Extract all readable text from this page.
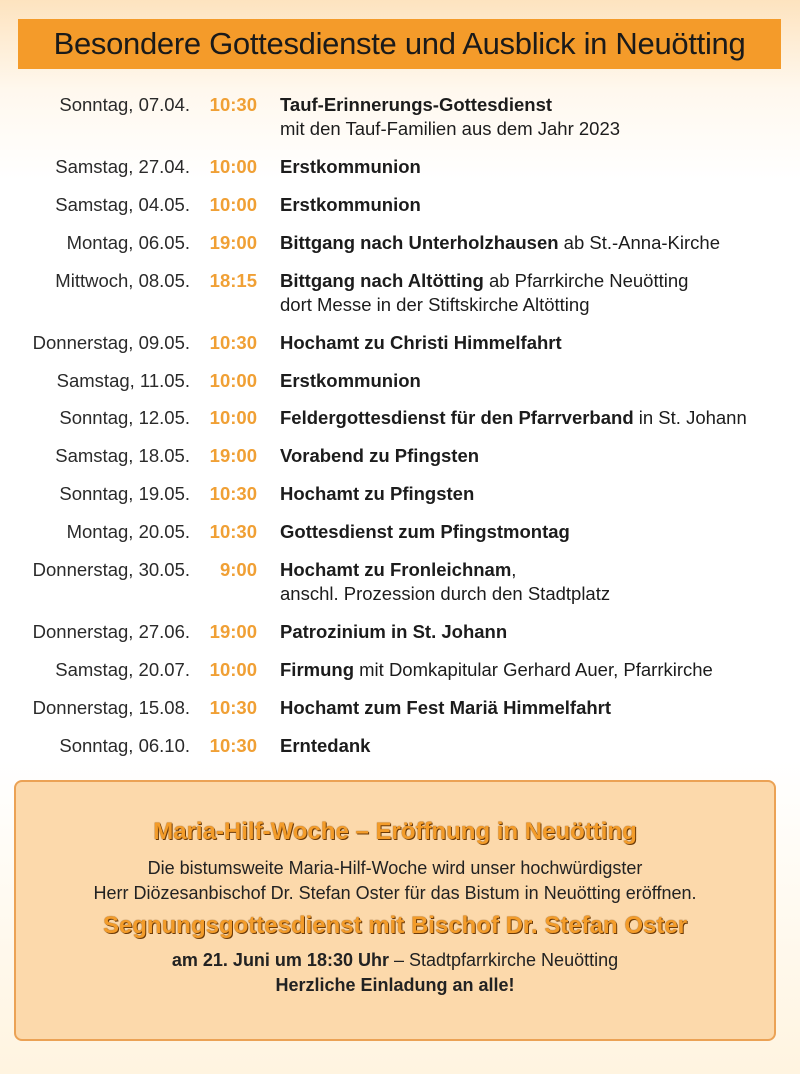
Besondere Gottesdienste und Ausblick in Neuötting
Sonntag, 07.04.	10:30 Tauf-Erinnerungs-Gottesdienst
mit den Tauf-Familien aus dem Jahr 2023
Samstag, 27.04.	10:00 Erstkommunion
Samstag, 04.05.	10:00 Erstkommunion
Montag, 06.05.	19:00 Bittgang nach Unterholzhausen ab St.-Anna-Kirche
Mittwoch, 08.05.	18:15 Bittgang nach Altötting ab Pfarrkirche Neuötting
dort Messe in der Stiftskirche Altötting
Donnerstag, 09.05.	10:30 Hochamt zu Christi Himmelfahrt
Samstag, 11.05.	10:00 Erstkommunion
Sonntag, 12.05.	10:00 Feldergottesdienst für den Pfarrverband in St. Johann
Samstag, 18.05.	19:00 Vorabend zu Pfingsten
Sonntag, 19.05.	10:30 Hochamt zu Pfingsten
Montag, 20.05.	10:30 Gottesdienst zum Pfingstmontag
Donnerstag, 30.05.	9:00 Hochamt zu Fronleichnam,
anschl. Prozession durch den Stadtplatz
Donnerstag, 27.06.	19:00 Patrozinium in St. Johann
Samstag, 20.07.	10:00 Firmung mit Domkapitular Gerhard Auer, Pfarrkirche
Donnerstag, 15.08.	10:30 Hochamt zum Fest Mariä Himmelfahrt
Sonntag, 06.10.	10:30 Erntedank
Maria-Hilf-Woche – Eröffnung in Neuötting
Die bistumsweite Maria-Hilf-Woche wird unser hochwürdigster
Herr Diözesanbischof Dr. Stefan Oster für das Bistum in Neuötting eröffnen.
Segnungsgottesdienst mit Bischof Dr. Stefan Oster
am 21. Juni um 18:30 Uhr – Stadtpfarrkirche Neuötting
Herzliche Einladung an alle!
